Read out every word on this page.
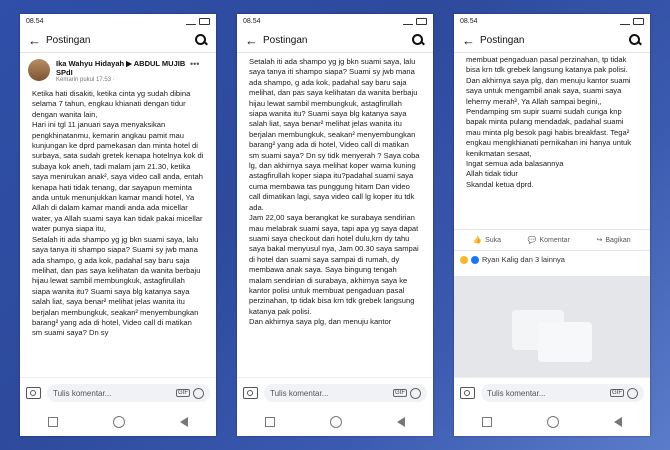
08.54
← Postingan
Ika Wahyu Hidayah ▶ ABDUL MUJIB SPdI
Kemarin pukul 17.53 ·
•••
Ketika hati disakiti, ketika cinta yg sudah dibina selama 7 tahun, engkau khianati dengan tidur dengan wanita lain,
Hari ini tgl 11 januari saya menyaksikan pengkhinatanmu, kemarin angkau pamit mau kunjungan ke dprd pamekasan dan minta hotel di surbaya, sata sudah gretek kenapa hotelnya kok di subaya kok aneh, tadi malam jam 21.30, ketika saya menirukan anak², saya video call anda, entah kenapa hati tidak tenang, dar sayapun meminta anda untuk menunjukkan kamar mandi hotel, Ya Allah di dalam kamar mandi anda ada micellar water, ya Allah suami saya kan tidak pakai micellar water punya siapa itu,
Setalah iti ada shampo yg jg bkn suami saya, lalu saya tanya iti shampo siapa? Suami sy jwb mana ada shampo, g ada kok, padahal say baru saja melihat, dan pas saya kelihatan da wanita berbaju hijau lewat sambil membungkuk, astagfirullah siapa wanita itu? Suami saya blg katanya saya salah liat, saya benar² melihat jelas wanita itu berjalan membungkuk, seakan² menyembungkan barang² yang ada di hotel, Video call di matikan sm suami saya? Dn sy
Tulis komentar...	GIF
08.54
← Postingan
Setalah iti ada shampo yg jg bkn suami saya, lalu saya tanya iti shampo siapa? Suami sy jwb mana ada shampo, g ada kok, padahal say baru saja melihat, dan pas saya kelihatan da wanita berbaju hijau lewat sambil membungkuk, astagfirullah siapa wanita itu? Suami saya blg katanya saya salah liat, saya benar² melihat jelas wanita itu berjalan membungkuk, seakan² menyembungkan barang² yang ada di hotel, Video call di matikan sm suami saya? Dn sy tidk menyerah ? Saya coba lg, dan akhirnya saya melihat koper warna kuning astagfirullah koper siapa itu?padahal suami saya cuma membawa tas punggung hitam Dan video call dimatikan lagi, saya video call lg koper itu tdk ada.
Jam 22,00 saya berangkat ke surabaya sendirian mau melabrak suami saya, tapi apa yg saya dapat suami saya checkout dari hotel dulu,krn dy tahu saya bakal menyusul nya, Jam 00.30 saya sampai di hotel dan suami saya sampai di rumah, dy membawa anak saya. Saya bingung tengah malam sendirian di surabaya, akhirnya saya ke kantor polisi untuk membuat pengaduan pasal perzinahan, tp tidak bisa krn tdk grebek langsung katanya pak polisi.
Dan akhirnya saya plg, dan menuju kantor
Tulis komentar...	GIF
08.54
← Postingan
membuat pengaduan pasal perzinahan, tp tidak bisa krn tdk grebek langsung katanya pak polisi.
Dan akhirnya saya plg, dan menuju kantor suami saya untuk mengambil anak saya, suami saya leherny merah², Ya Allah sampai begini,, Pendamping sm supir suami sudah curiga knp bapak minta pulang mendadak, padahal suami mau minta plg besok pagi habis breakfast. Tega² engkau mengkhianati pernikahan ini hanya untuk kenikmatan sesaat,
Ingat semua ada balasannya
Allah tidak tidur
Skandal ketua dprd.
👍 Suka	💬 Komentar	↪ Bagikan
Ryan Kalig dan 3 lainnya
Tulis komentar...	GIF
